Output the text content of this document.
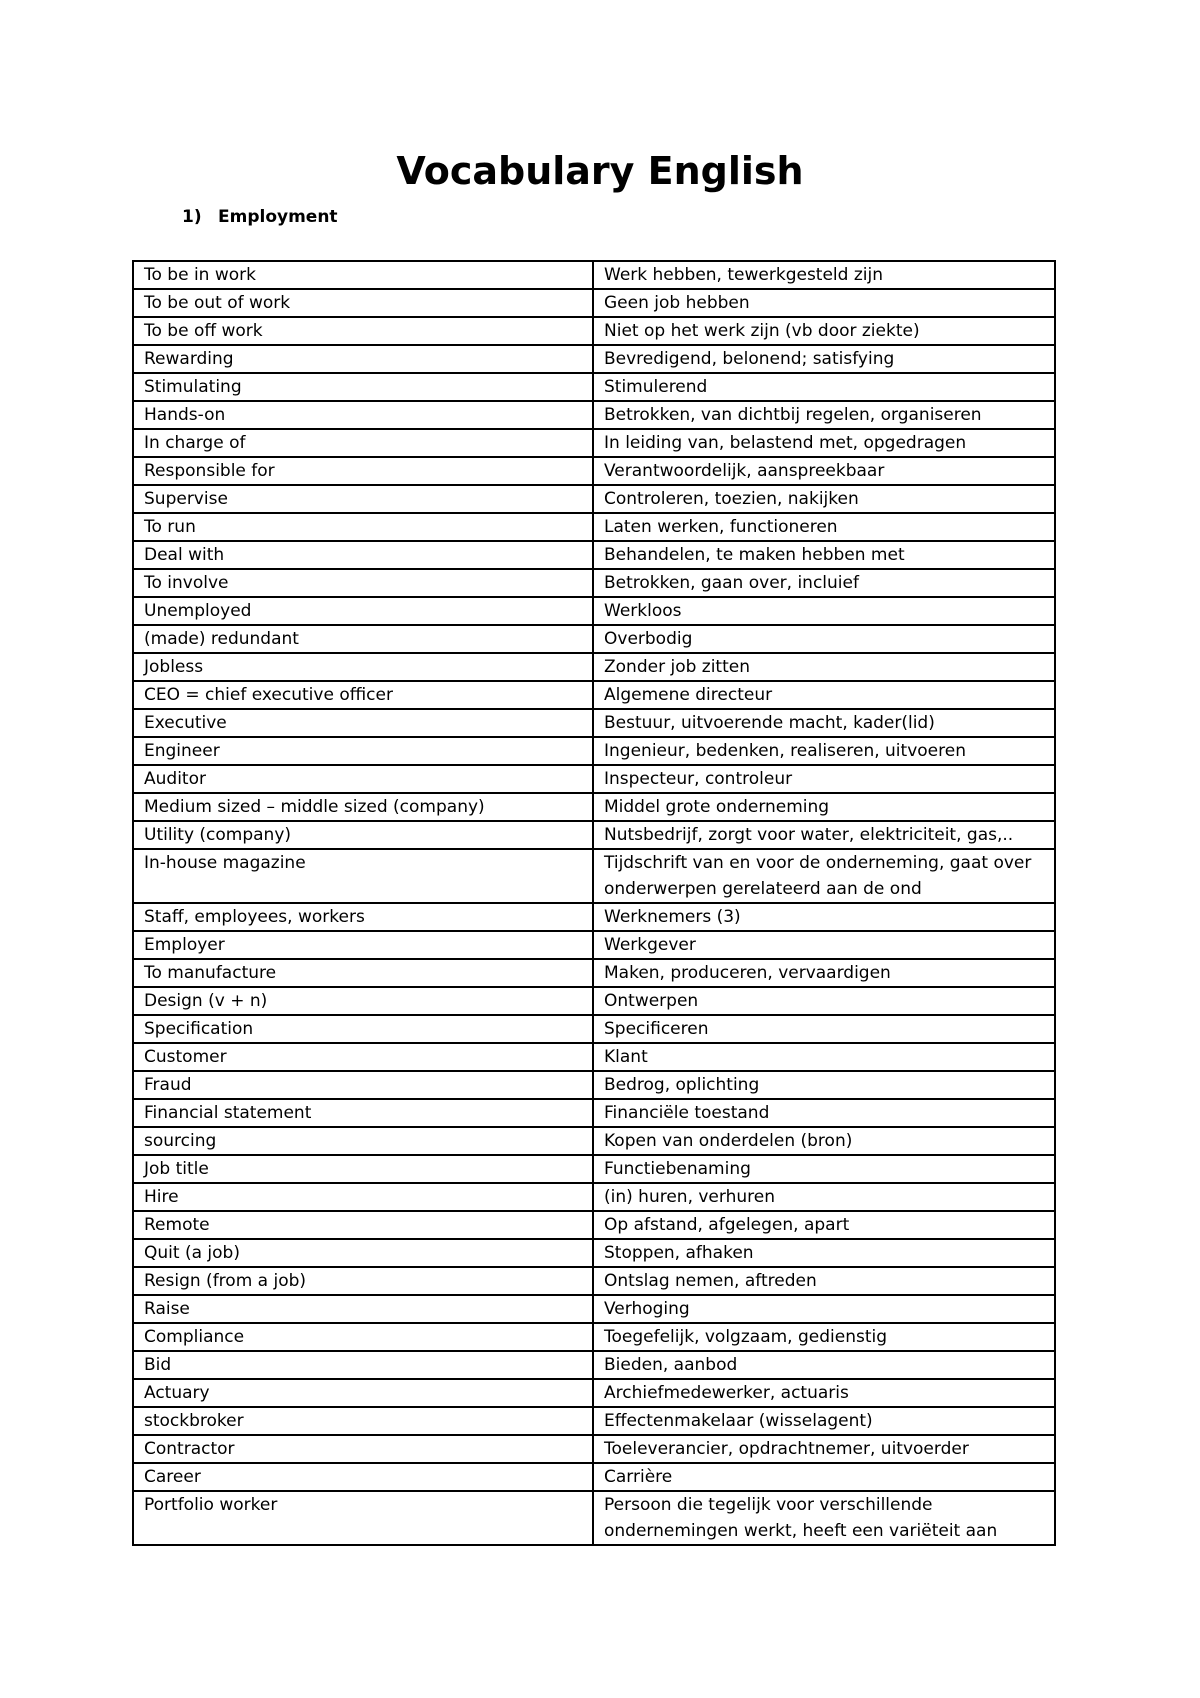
Vocabulary English
1) Employment
To be in work	Werk hebben, tewerkgesteld zijn
To be out of work	Geen job hebben
To be off work	Niet op het werk zijn (vb door ziekte)
Rewarding	Bevredigend, belonend; satisfying
Stimulating	Stimulerend
Hands-on	Betrokken, van dichtbij regelen, organiseren
In charge of	In leiding van, belastend met, opgedragen
Responsible for	Verantwoordelijk, aanspreekbaar
Supervise	Controleren, toezien, nakijken
To run	Laten werken, functioneren
Deal with	Behandelen, te maken hebben met
To involve	Betrokken, gaan over, incluief
Unemployed	Werkloos
(made) redundant	Overbodig
Jobless	Zonder job zitten
CEO = chief executive officer	Algemene directeur
Executive	Bestuur, uitvoerende macht, kader(lid)
Engineer	Ingenieur, bedenken, realiseren, uitvoeren
Auditor	Inspecteur, controleur
Medium sized – middle sized (company)	Middel grote onderneming
Utility (company)	Nutsbedrijf, zorgt voor water, elektriciteit, gas,..
In-house magazine	Tijdschrift van en voor de onderneming, gaat over onderwerpen gerelateerd aan de ond
Staff, employees, workers	Werknemers (3)
Employer	Werkgever
To manufacture	Maken, produceren, vervaardigen
Design (v + n)	Ontwerpen
Specification	Specificeren
Customer	Klant
Fraud	Bedrog, oplichting
Financial statement	Financiële toestand
sourcing	Kopen van onderdelen (bron)
Job title	Functiebenaming
Hire	(in) huren, verhuren
Remote	Op afstand, afgelegen, apart
Quit (a job)	Stoppen, afhaken
Resign (from a job)	Ontslag nemen, aftreden
Raise	Verhoging
Compliance	Toegefelijk, volgzaam, gedienstig
Bid	Bieden, aanbod
Actuary	Archiefmedewerker, actuaris
stockbroker	Effectenmakelaar (wisselagent)
Contractor	Toeleverancier, opdrachtnemer, uitvoerder
Career	Carrière
Portfolio worker	Persoon die tegelijk voor verschillende ondernemingen werkt, heeft een variëteit aan
